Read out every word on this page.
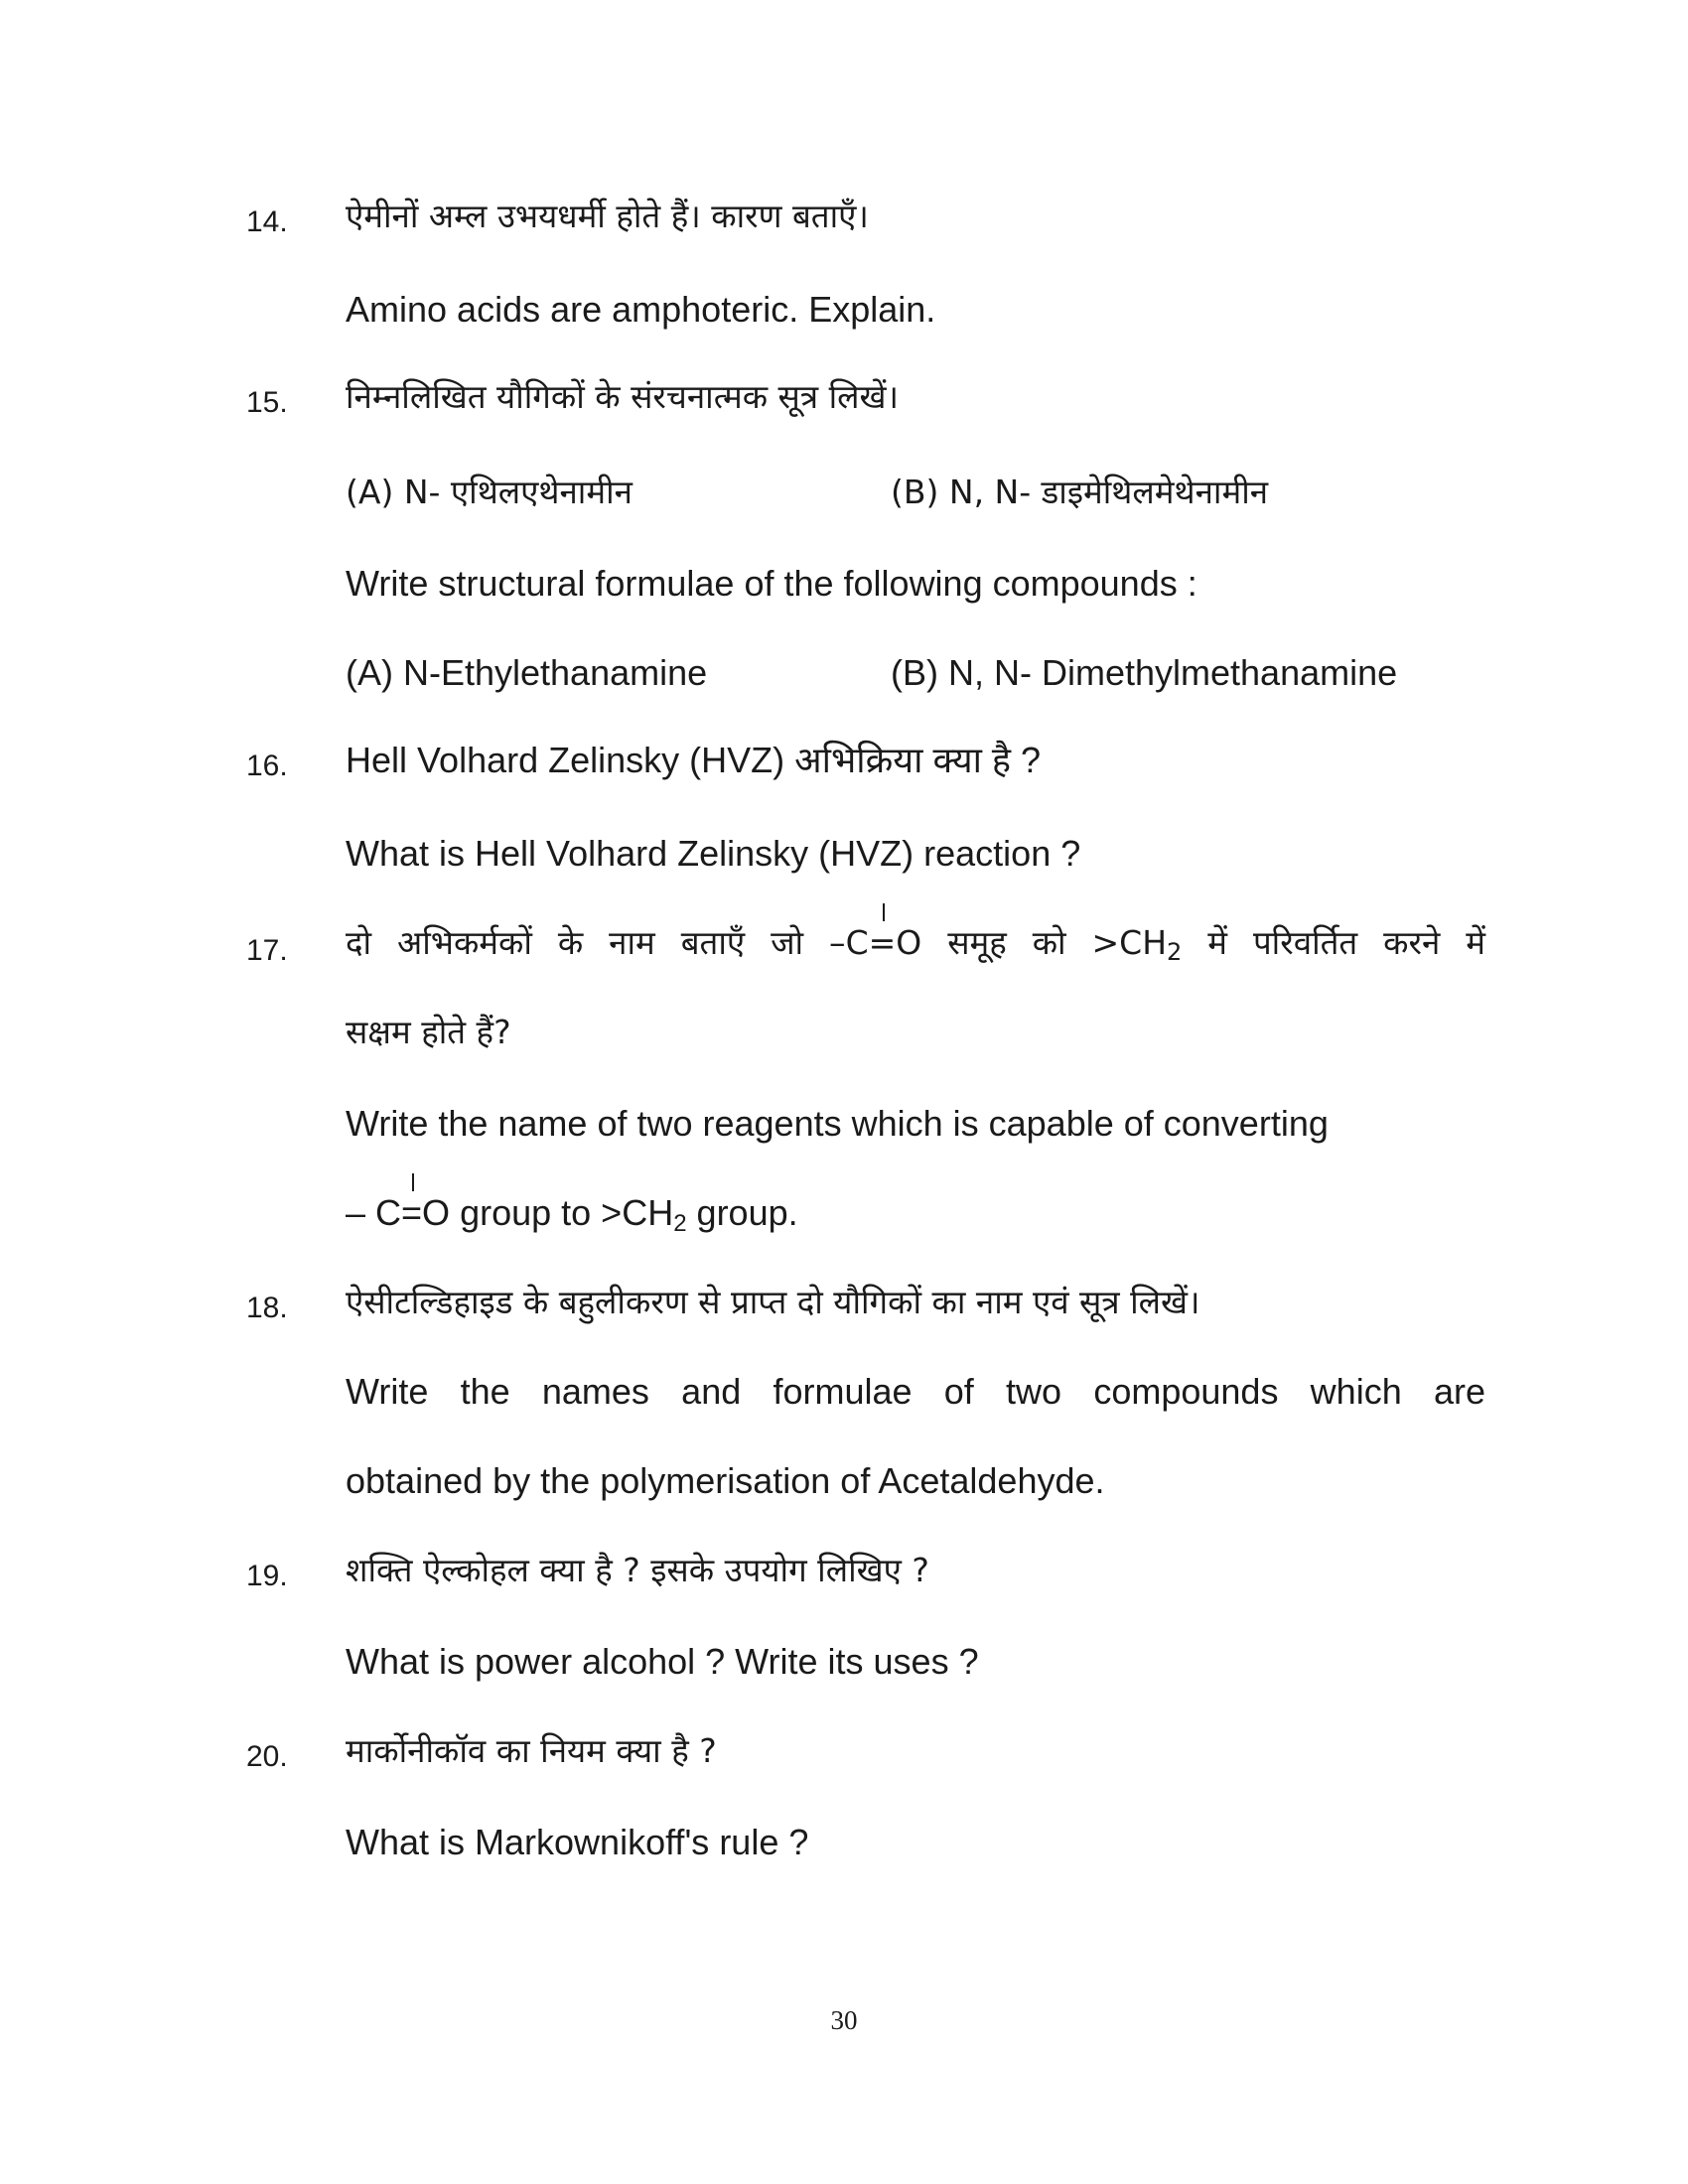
14. ऐमीनों अम्ल उभयधर्मी होते हैं। कारण बताएँ।
Amino acids are amphoteric. Explain.
15. निम्नलिखित यौगिकों के संरचनात्मक सूत्र लिखें।
(A) N- एथिलएथेनामीन	(B) N, N- डाइमेथिलमेथेनामीन
Write structural formulae of the following compounds :
(A) N-Ethylethanamine	(B) N, N- Dimethylmethanamine
16. Hell Volhard Zelinsky (HVZ) अभिक्रिया क्या है ?
What is Hell Volhard Zelinsky (HVZ) reaction ?
17. दो अभिकर्मकों के नाम बताएँ जो –
C=O समूह को $>CH_2$ में परिवर्तित करने में
सक्षम होते हैं?
Write the name of two reagents which is capable of converting
–
C=O group to $>CH_2$ group.
18. ऐसीटल्डिहाइड के बहुलीकरण से प्राप्त दो यौगिकों का नाम एवं सूत्र लिखें।
Write the names and formulae of two compounds which are
obtained by the polymerisation of Acetaldehyde.
19. शक्ति ऐल्कोहल क्या है ? इसके उपयोग लिखिए ?
What is power alcohol ? Write its uses ?
20. मार्कोनीकॉव का नियम क्या है ?
What is Markownikoff's rule ?
30
